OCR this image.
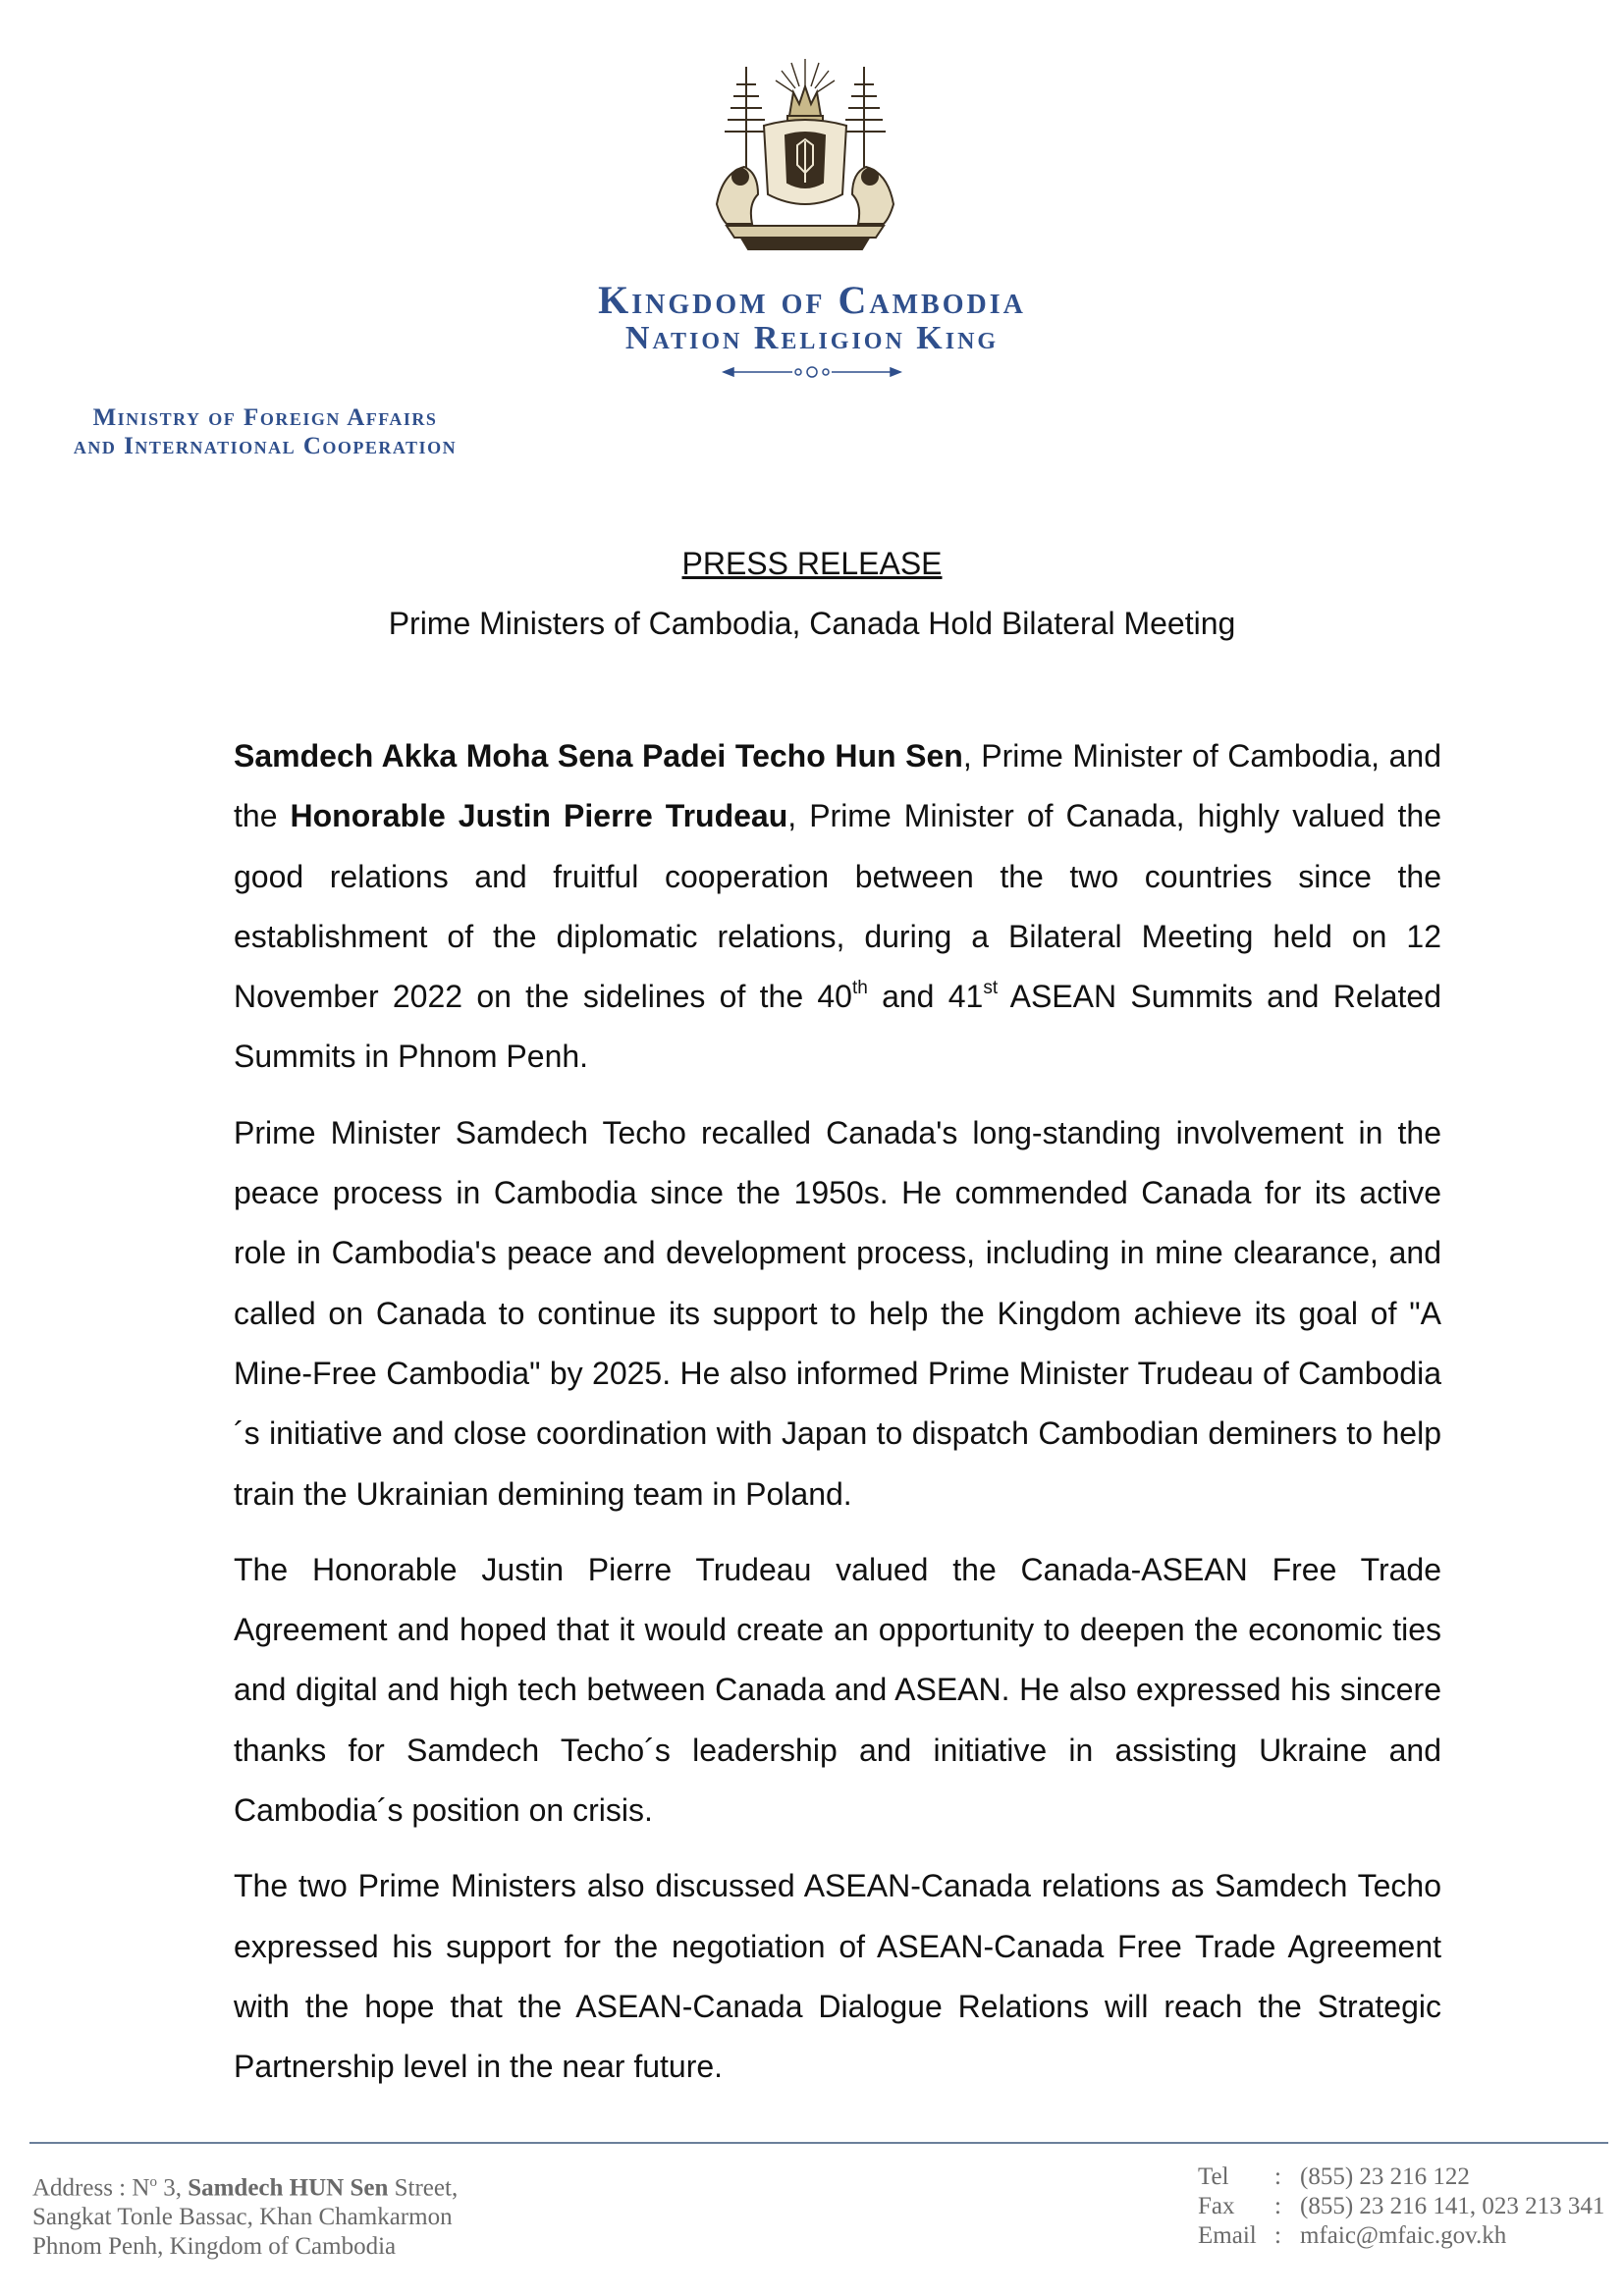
Kingdom of Cambodia
Nation Religion King
Ministry of Foreign Affairs
and International Cooperation
PRESS RELEASE
Prime Ministers of Cambodia, Canada Hold Bilateral Meeting

Samdech Akka Moha Sena Padei Techo Hun Sen, Prime Minister of Cambodia, and the Honorable Justin Pierre Trudeau, Prime Minister of Canada, highly valued the good relations and fruitful cooperation between the two countries since the establishment of the diplomatic relations, during a Bilateral Meeting held on 12 November 2022 on the sidelines of the 40th and 41st ASEAN Summits and Related Summits in Phnom Penh.

Prime Minister Samdech Techo recalled Canada's long-standing involvement in the peace process in Cambodia since the 1950s. He commended Canada for its active role in Cambodia's peace and development process, including in mine clearance, and called on Canada to continue its support to help the Kingdom achieve its goal of "A Mine-Free Cambodia" by 2025. He also informed Prime Minister Trudeau of Cambodia´s initiative and close coordination with Japan to dispatch Cambodian deminers to help train the Ukrainian demining team in Poland.

The Honorable Justin Pierre Trudeau valued the Canada-ASEAN Free Trade Agreement and hoped that it would create an opportunity to deepen the economic ties and digital and high tech between Canada and ASEAN. He also expressed his sincere thanks for Samdech Techo´s leadership and initiative in assisting Ukraine and Cambodia´s position on crisis.

The two Prime Ministers also discussed ASEAN-Canada relations as Samdech Techo expressed his support for the negotiation of ASEAN-Canada Free Trade Agreement with the hope that the ASEAN-Canada Dialogue Relations will reach the Strategic Partnership level in the near future.

Address : $N^o$ 3, Samdech HUN Sen Street,
Sangkat Tonle Bassac, Khan Chamkarmon
Phnom Penh, Kingdom of Cambodia
Tel	: (855) 23 216 122
Fax	: (855) 23 216 141, 023 213 341
Email : mfaic@mfaic.gov.kh
